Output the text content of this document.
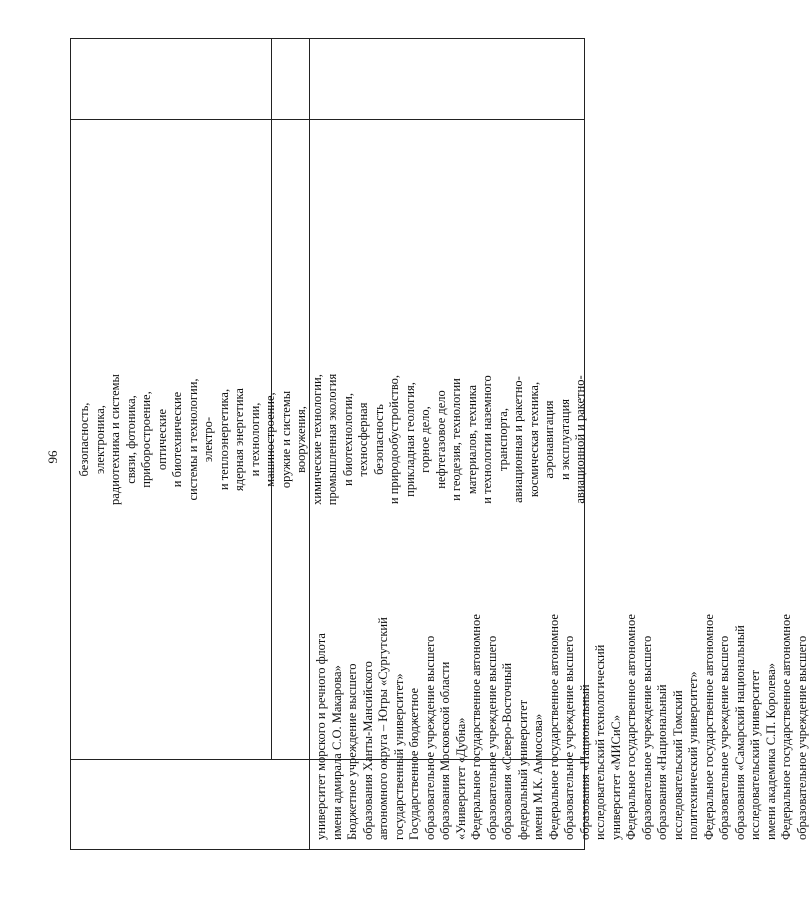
96 безопасность, электроника, радиотехника и системы связи, фотоника, приборостроение, оптические и биотехнические системы и технологии, электро- и теплоэнергетика, ядерная энергетика и технологии, машиностроение, оружие и системы вооружения, химические технологии, промышленная экология и биотехнологии, техносферная безопасность и природообустройство, прикладная геология, горное дело, нефтегазовое дело и геодезия, технологии материалов, техника и технологии наземного транспорта, авиационная и ракетно- космическая техника, аэронавигация и эксплуатация авиационной и ракетно-
университет морского и речного флота имени адмирала С.О. Макарова» Бюджетное учреждение высшего образования Ханты-Мансийского автономного округа – Югры «Сургутский государственный университет» Государственное бюджетное образовательное учреждение высшего образования Московской области «Университет «Дубна» Федеральное государственное автономное образовательное учреждение высшего образования «Северо-Восточный федеральный университет имени М.К. Аммосова» Федеральное государственное автономное образовательное учреждение высшего образования «Национальный исследовательский технологический университет «МИСиС» Федеральное государственное автономное образовательное учреждение высшего образования «Национальный исследовательский Томский политехнический университет» Федеральное государственное автономное образовательное учреждение высшего образования «Самарский национальный исследовательский университет имени академика С.П. Королева» Федеральное государственное автономное образовательное учреждение высшего
